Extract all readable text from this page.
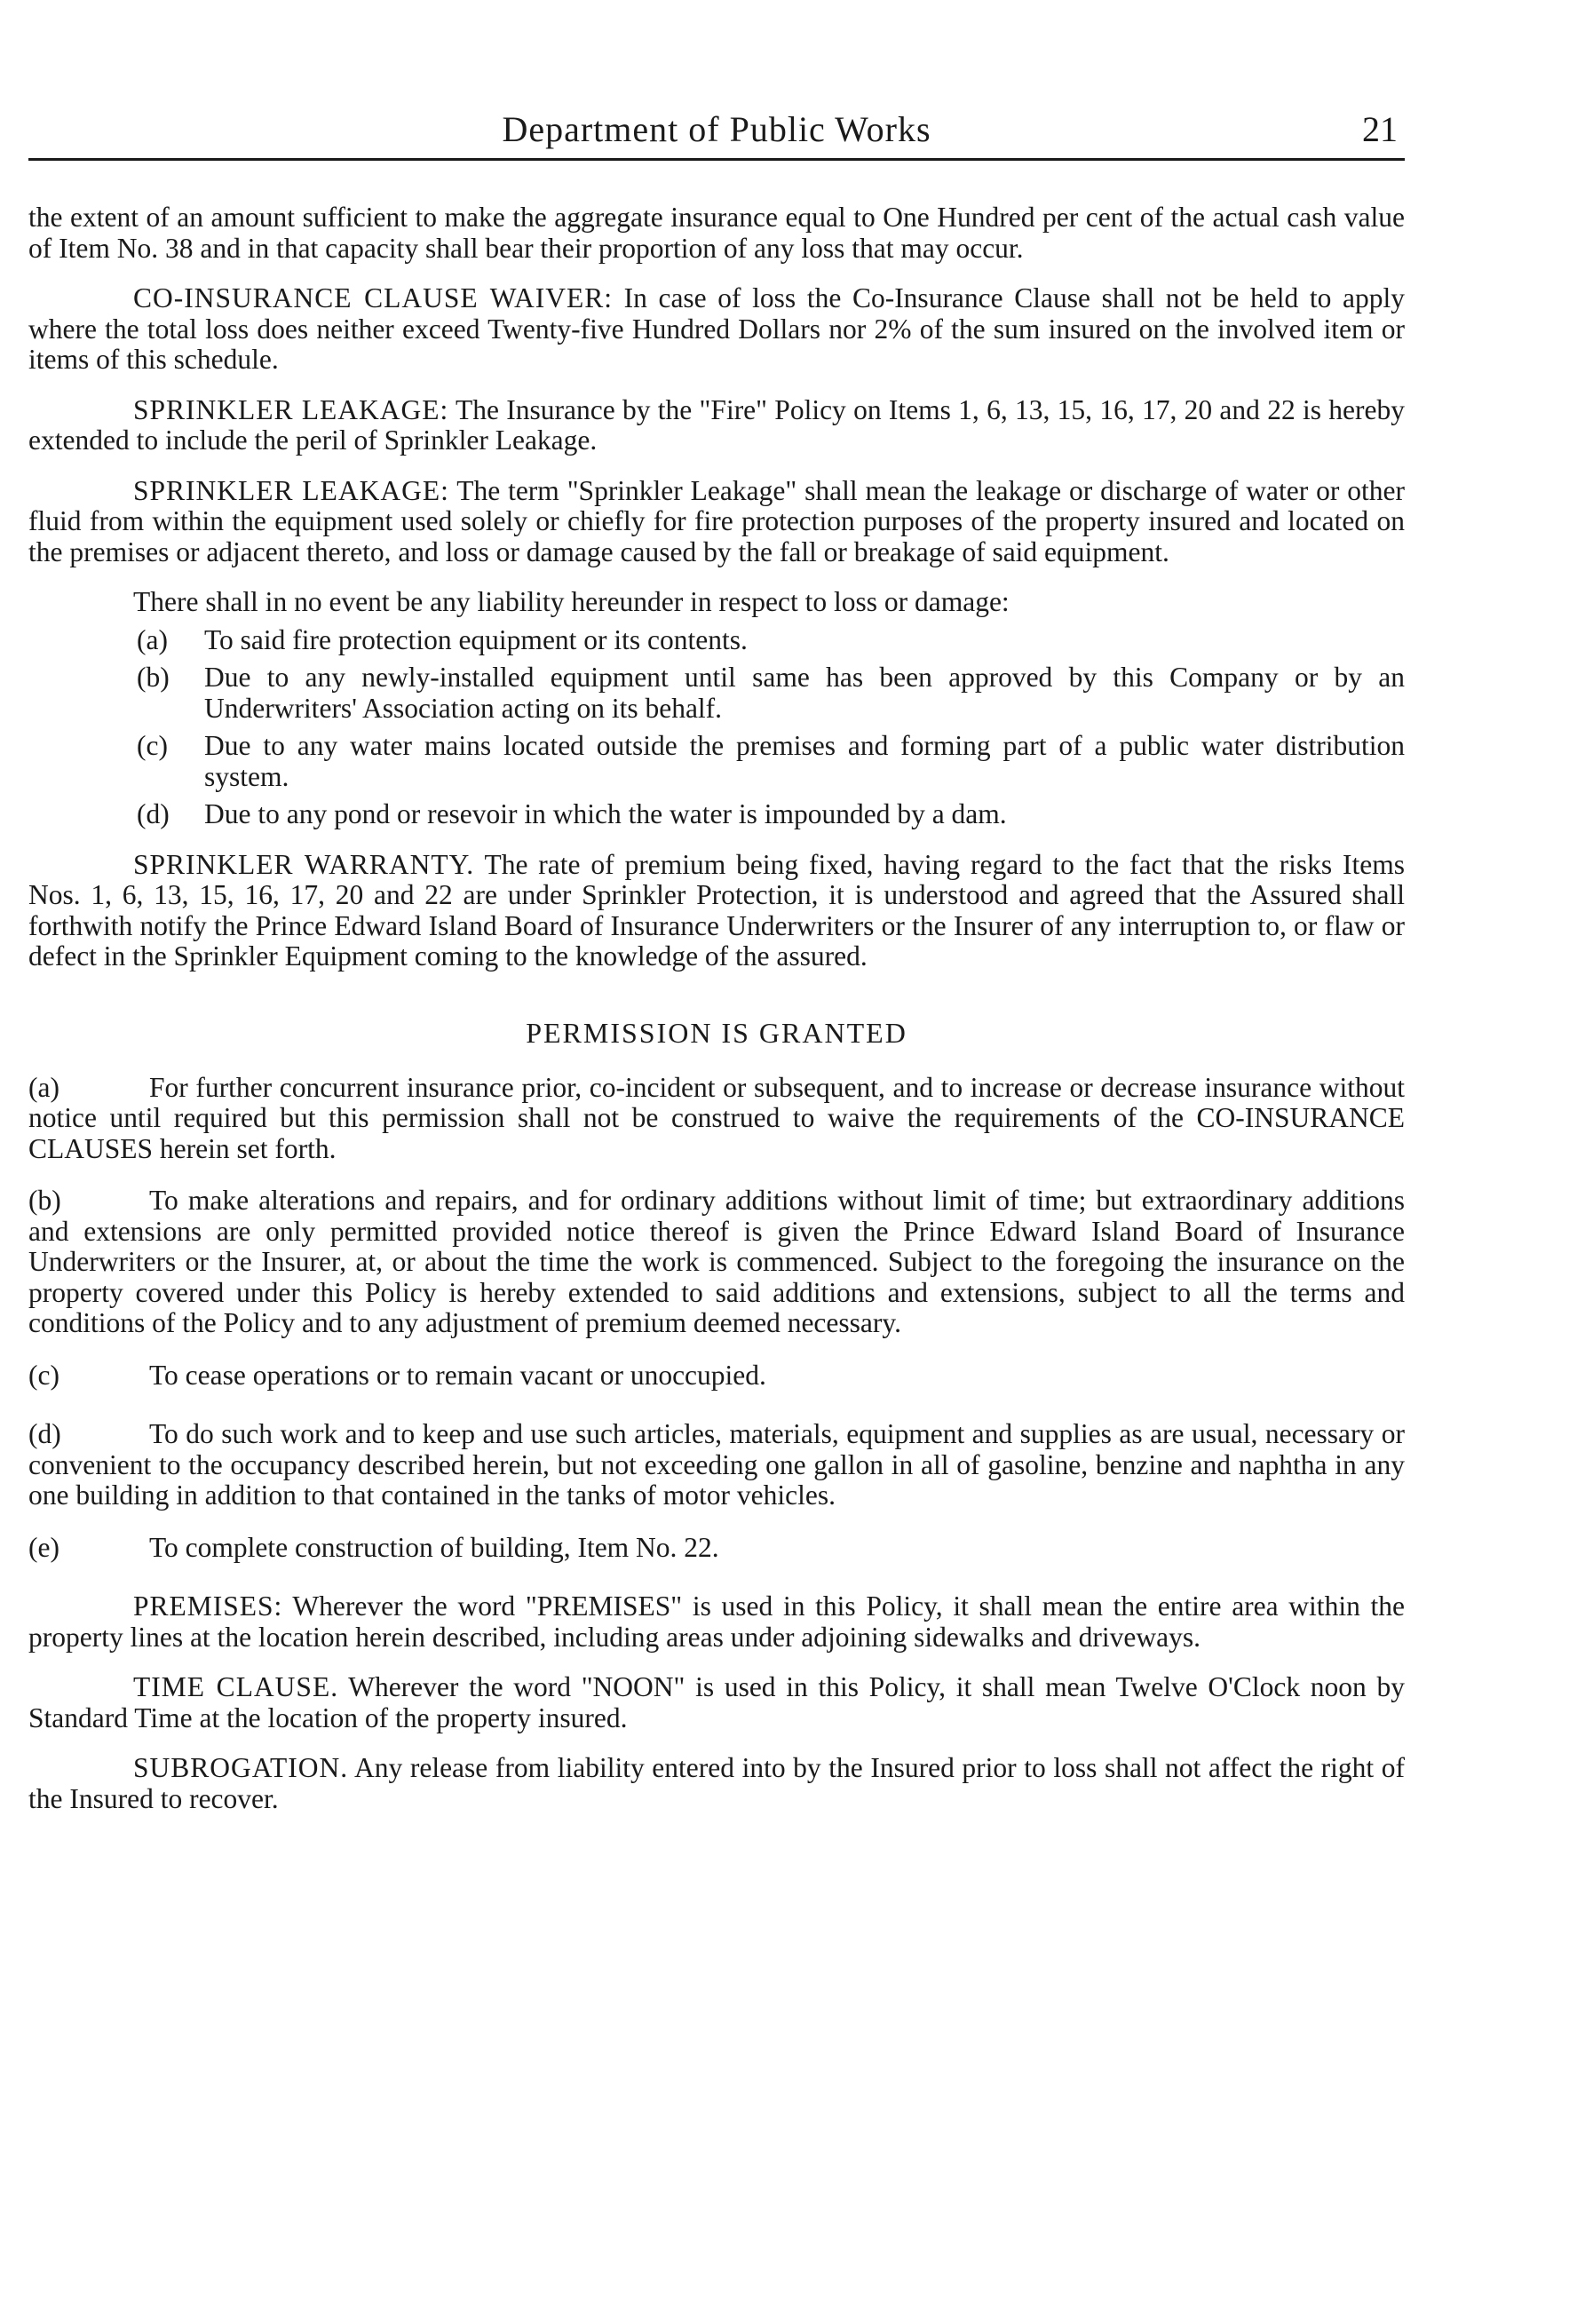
Department of Public Works	21

the extent of an amount sufficient to make the aggregate insurance equal to One Hundred per cent of the actual cash value of Item No. 38 and in that capacity shall bear their proportion of any loss that may occur.

CO-INSURANCE CLAUSE WAIVER: In case of loss the Co-Insurance Clause shall not be held to apply where the total loss does neither exceed Twenty-five Hundred Dollars nor 2% of the sum insured on the involved item or items of this schedule.

SPRINKLER LEAKAGE: The Insurance by the "Fire" Policy on Items 1, 6, 13, 15, 16, 17, 20 and 22 is hereby extended to include the peril of Sprinkler Leakage.

SPRINKLER LEAKAGE: The term "Sprinkler Leakage" shall mean the leakage or discharge of water or other fluid from within the equipment used solely or chiefly for fire protection purposes of the property insured and located on the premises or adjacent thereto, and loss or damage caused by the fall or breakage of said equipment.

There shall in no event be any liability hereunder in respect to loss or damage:

(a)	To said fire protection equipment or its contents.
(b)	Due to any newly-installed equipment until same has been approved by this Company or by an Underwriters' Association acting on its behalf.
(c)	Due to any water mains located outside the premises and forming part of a public water distribution system.
(d)	Due to any pond or resevoir in which the water is impounded by a dam.

SPRINKLER WARRANTY. The rate of premium being fixed, having regard to the fact that the risks Items Nos. 1, 6, 13, 15, 16, 17, 20 and 22 are under Sprinkler Protection, it is understood and agreed that the Assured shall forthwith notify the Prince Edward Island Board of Insurance Underwriters or the Insurer of any interruption to, or flaw or defect in the Sprinkler Equipment coming to the knowledge of the assured.

PERMISSION IS GRANTED

(a)	For further concurrent insurance prior, co-incident or subsequent, and to increase or decrease insurance without notice until required but this permission shall not be construed to waive the requirements of the CO-INSURANCE CLAUSES herein set forth.

(b)	To make alterations and repairs, and for ordinary additions without limit of time; but extraordinary additions and extensions are only permitted provided notice thereof is given the Prince Edward Island Board of Insurance Underwriters or the Insurer, at, or about the time the work is commenced. Subject to the foregoing the insurance on the property covered under this Policy is hereby extended to said additions and extensions, subject to all the terms and conditions of the Policy and to any adjustment of premium deemed necessary.

(c)	To cease operations or to remain vacant or unoccupied.

(d)	To do such work and to keep and use such articles, materials, equipment and supplies as are usual, necessary or convenient to the occupancy described herein, but not exceeding one gallon in all of gasoline, benzine and naphtha in any one building in addition to that contained in the tanks of motor vehicles.

(e)	To complete construction of building, Item No. 22.

PREMISES: Wherever the word "PREMISES" is used in this Policy, it shall mean the entire area within the property lines at the location herein described, including areas under adjoining sidewalks and driveways.

TIME CLAUSE. Wherever the word "NOON" is used in this Policy, it shall mean Twelve O'Clock noon by Standard Time at the location of the property insured.

SUBROGATION. Any release from liability entered into by the Insured prior to loss shall not affect the right of the Insured to recover.
